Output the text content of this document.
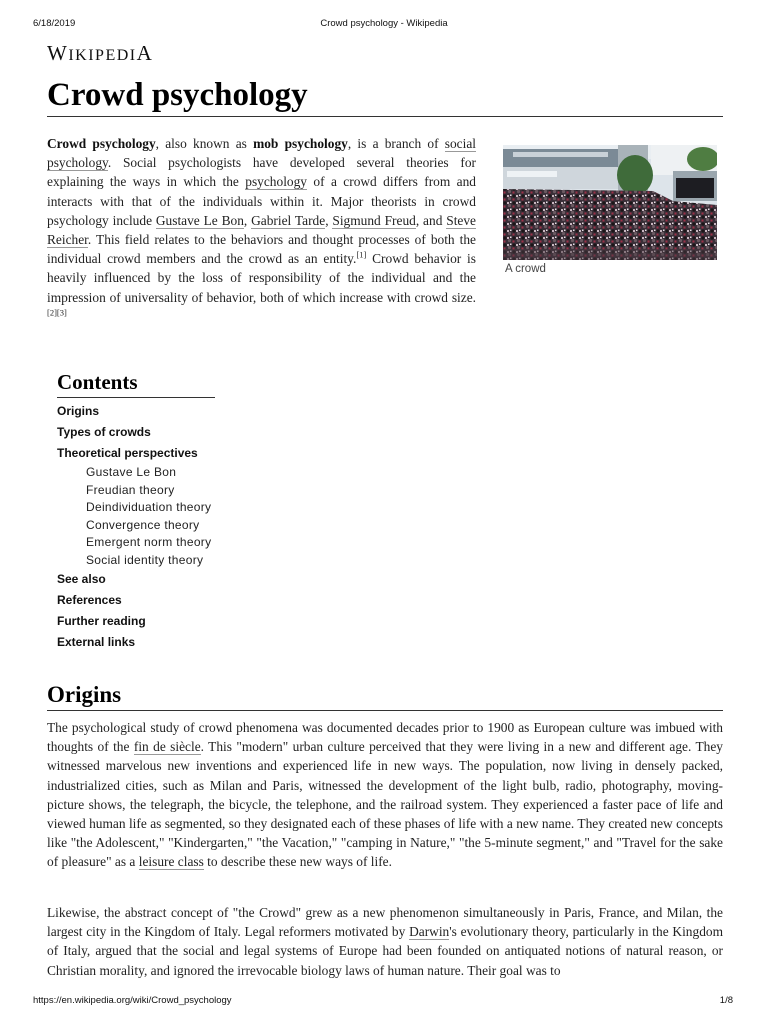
6/18/2019	Crowd psychology - Wikipedia
WIKIPEDIA
Crowd psychology

Crowd psychology, also known as mob psychology, is a branch of social psychology. Social psychologists have developed several theories for explaining the ways in which the psychology of a crowd differs from and interacts with that of the individuals within it. Major theorists in crowd psychology include Gustave Le Bon, Gabriel Tarde, Sigmund Freud, and Steve Reicher. This field relates to the behaviors and thought processes of both the individual crowd members and the crowd as an entity.[1] Crowd behavior is heavily influenced by the loss of responsibility of the individual and the impression of universality of behavior, both of which increase with crowd size.[2][3]

A crowd
Contents
Origins
Types of crowds
Theoretical perspectives
Gustave Le Bon
Freudian theory
Deindividuation theory
Convergence theory
Emergent norm theory
Social identity theory
See also
References
Further reading
External links
Origins

The psychological study of crowd phenomena was documented decades prior to 1900 as European culture was imbued with thoughts of the fin de siècle. This "modern" urban culture perceived that they were living in a new and different age. They witnessed marvelous new inventions and experienced life in new ways. The population, now living in densely packed, industrialized cities, such as Milan and Paris, witnessed the development of the light bulb, radio, photography, moving-picture shows, the telegraph, the bicycle, the telephone, and the railroad system. They experienced a faster pace of life and viewed human life as segmented, so they designated each of these phases of life with a new name. They created new concepts like "the Adolescent," "Kindergarten," "the Vacation," "camping in Nature," "the 5-minute segment," and "Travel for the sake of pleasure" as a leisure class to describe these new ways of life.

Likewise, the abstract concept of "the Crowd" grew as a new phenomenon simultaneously in Paris, France, and Milan, the largest city in the Kingdom of Italy. Legal reformers motivated by Darwin's evolutionary theory, particularly in the Kingdom of Italy, argued that the social and legal systems of Europe had been founded on antiquated notions of natural reason, or Christian morality, and ignored the irrevocable biology laws of human nature. Their goal was to

https://en.wikipedia.org/wiki/Crowd_psychology	1/8
